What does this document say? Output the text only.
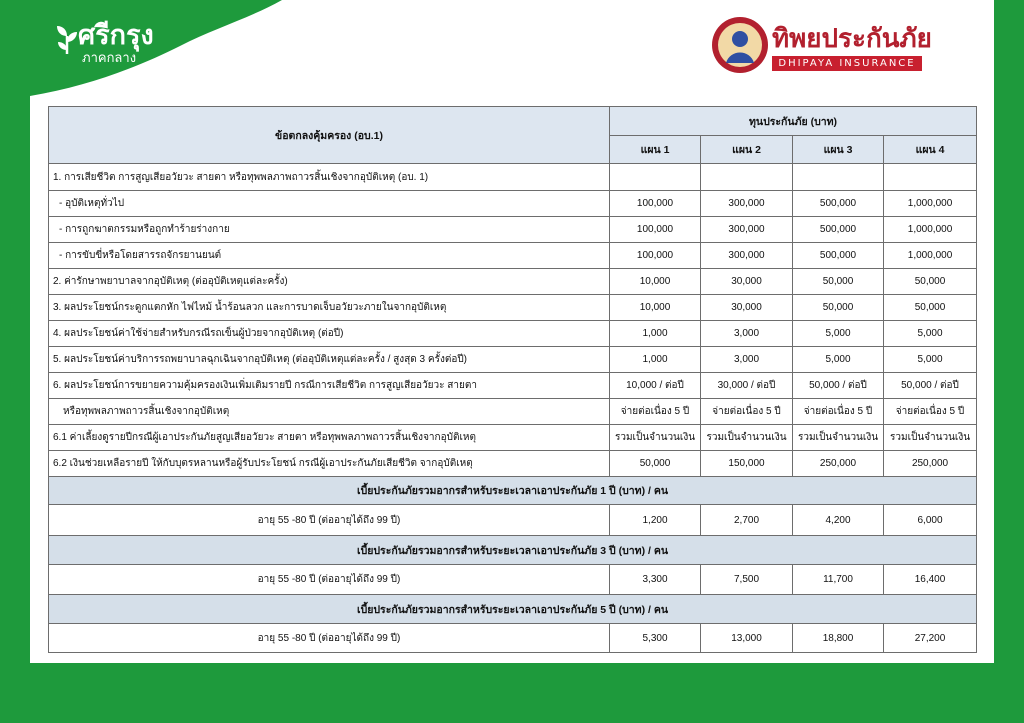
ศรีกรุง
ภาคกลาง
ทิพยประกันภัย
DHIPAYA INSURANCE
ข้อตกลงคุ้มครอง (อบ.1)	ทุนประกันภัย (บาท)			
	แผน 1	แผน 2	แผน 3	แผน 4
1. การเสียชีวิต การสูญเสียอวัยวะ สายตา หรือทุพพลภาพถาวรสิ้นเชิงจากอุบัติเหตุ (อบ. 1)				
- อุบัติเหตุทั่วไป	100,000	300,000	500,000	1,000,000
- การถูกฆาตกรรมหรือถูกทำร้ายร่างกาย	100,000	300,000	500,000	1,000,000
- การขับขี่หรือโดยสารรถจักรยานยนต์	100,000	300,000	500,000	1,000,000
2. ค่ารักษาพยาบาลจากอุบัติเหตุ (ต่ออุบัติเหตุแต่ละครั้ง)	10,000	30,000	50,000	50,000
3. ผลประโยชน์กระดูกแตกหัก ไฟไหม้ น้ำร้อนลวก และการบาดเจ็บอวัยวะภายในจากอุบัติเหตุ	10,000	30,000	50,000	50,000
4. ผลประโยชน์ค่าใช้จ่ายสำหรับกรณีรถเข็นผู้ป่วยจากอุบัติเหตุ (ต่อปี)	1,000	3,000	5,000	5,000
5. ผลประโยชน์ค่าบริการรถพยาบาลฉุกเฉินจากอุบัติเหตุ (ต่ออุบัติเหตุแต่ละครั้ง / สูงสุด 3 ครั้งต่อปี)	1,000	3,000	5,000	5,000
6. ผลประโยชน์การขยายความคุ้มครองเงินเพิ่มเติมรายปี กรณีการเสียชีวิต การสูญเสียอวัยวะ สายตา	10,000 / ต่อปี	30,000 / ต่อปี	50,000 / ต่อปี	50,000 / ต่อปี
หรือทุพพลภาพถาวรสิ้นเชิงจากอุบัติเหตุ	จ่ายต่อเนื่อง 5 ปี	จ่ายต่อเนื่อง 5 ปี	จ่ายต่อเนื่อง 5 ปี	จ่ายต่อเนื่อง 5 ปี
6.1 ค่าเลี้ยงดูรายปีกรณีผู้เอาประกันภัยสูญเสียอวัยวะ สายตา หรือทุพพลภาพถาวรสิ้นเชิงจากอุบัติเหตุ	รวมเป็นจำนวนเงิน	รวมเป็นจำนวนเงิน	รวมเป็นจำนวนเงิน	รวมเป็นจำนวนเงิน
6.2 เงินช่วยเหลือรายปี ให้กับบุตรหลานหรือผู้รับประโยชน์ กรณีผู้เอาประกันภัยเสียชีวิต จากอุบัติเหตุ	50,000	150,000	250,000	250,000
เบี้ยประกันภัยรวมอากรสำหรับระยะเวลาเอาประกันภัย 1 ปี (บาท) / คน				
อายุ 55 -80 ปี (ต่ออายุได้ถึง 99 ปี)	1,200	2,700	4,200	6,000
เบี้ยประกันภัยรวมอากรสำหรับระยะเวลาเอาประกันภัย 3 ปี (บาท) / คน				
อายุ 55 -80 ปี (ต่ออายุได้ถึง 99 ปี)	3,300	7,500	11,700	16,400
เบี้ยประกันภัยรวมอากรสำหรับระยะเวลาเอาประกันภัย 5 ปี (บาท) / คน				
อายุ 55 -80 ปี (ต่ออายุได้ถึง 99 ปี)	5,300	13,000	18,800	27,200
